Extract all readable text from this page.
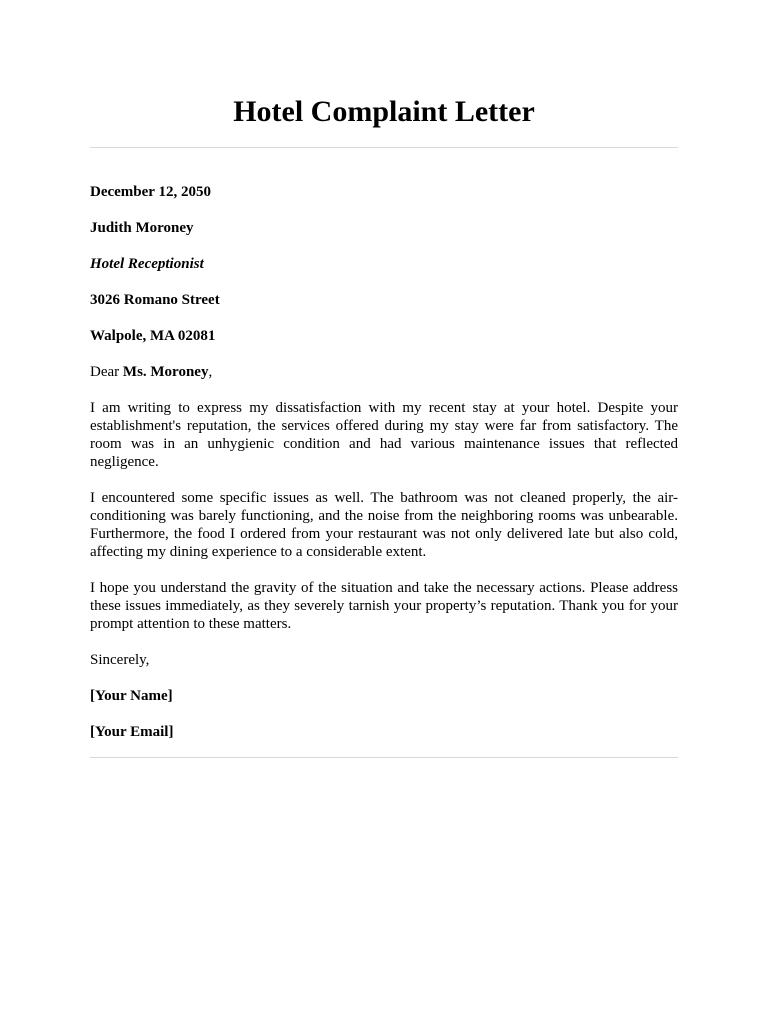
Hotel Complaint Letter

December 12, 2050

Judith Moroney

Hotel Receptionist

3026 Romano Street

Walpole, MA 02081

Dear Ms. Moroney,

I am writing to express my dissatisfaction with my recent stay at your hotel. Despite your establishment's reputation, the services offered during my stay were far from satisfactory. The room was in an unhygienic condition and had various maintenance issues that reflected negligence.

I encountered some specific issues as well. The bathroom was not cleaned properly, the air-conditioning was barely functioning, and the noise from the neighboring rooms was unbearable. Furthermore, the food I ordered from your restaurant was not only delivered late but also cold, affecting my dining experience to a considerable extent.

I hope you understand the gravity of the situation and take the necessary actions. Please address these issues immediately, as they severely tarnish your property’s reputation. Thank you for your prompt attention to these matters.

Sincerely,

[Your Name]

[Your Email]
